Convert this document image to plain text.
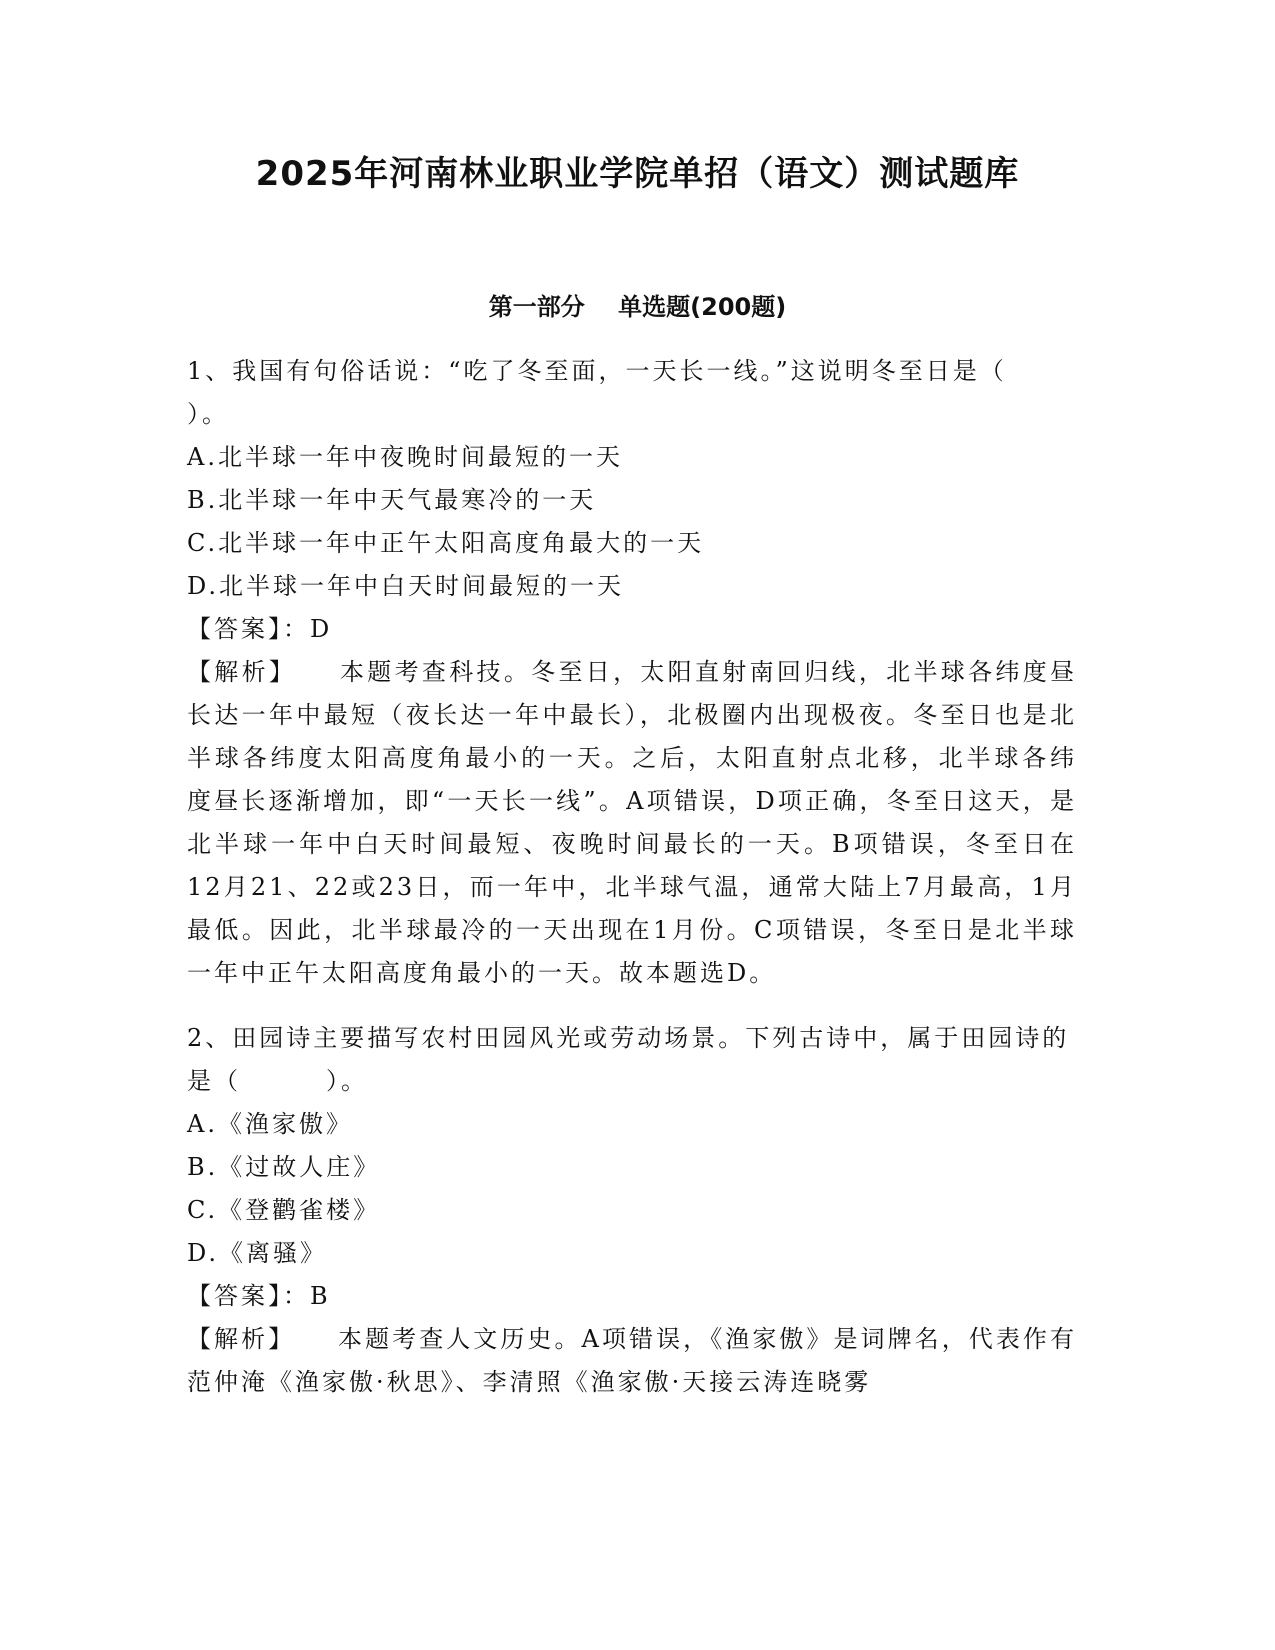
2025年河南林业职业学院单招（语文）测试题库
第一部分    单选题(200题)

1、我国有句俗话说：“吃了冬至面，一天长一线。”这说明冬至日是（        ）。

A.北半球一年中夜晚时间最短的一天

B.北半球一年中天气最寒冷的一天

C.北半球一年中正午太阳高度角最大的一天

D.北半球一年中白天时间最短的一天

【答案】：D

【解析】    本题考查科技。冬至日，太阳直射南回归线，北半球各纬度昼长达一年中最短（夜长达一年中最长），北极圈内出现极夜。冬至日也是北半球各纬度太阳高度角最小的一天。之后，太阳直射点北移，北半球各纬度昼长逐渐增加，即“一天长一线”。A项错误，D项正确，冬至日这天，是北半球一年中白天时间最短、夜晚时间最长的一天。B项错误，冬至日在12月21、22或23日，而一年中，北半球气温，通常大陆上7月最高，1月最低。因此，北半球最冷的一天出现在1月份。C项错误，冬至日是北半球一年中正午太阳高度角最小的一天。故本题选D。

2、田园诗主要描写农村田园风光或劳动场景。下列古诗中，属于田园诗的是（        ）。

A.《渔家傲》

B.《过故人庄》

C.《登鹳雀楼》

D.《离骚》

【答案】：B

【解析】    本题考查人文历史。A项错误，《渔家傲》是词牌名，代表作有范仲淹《渔家傲·秋思》、李清照《渔家傲·天接云涛连晓雾
